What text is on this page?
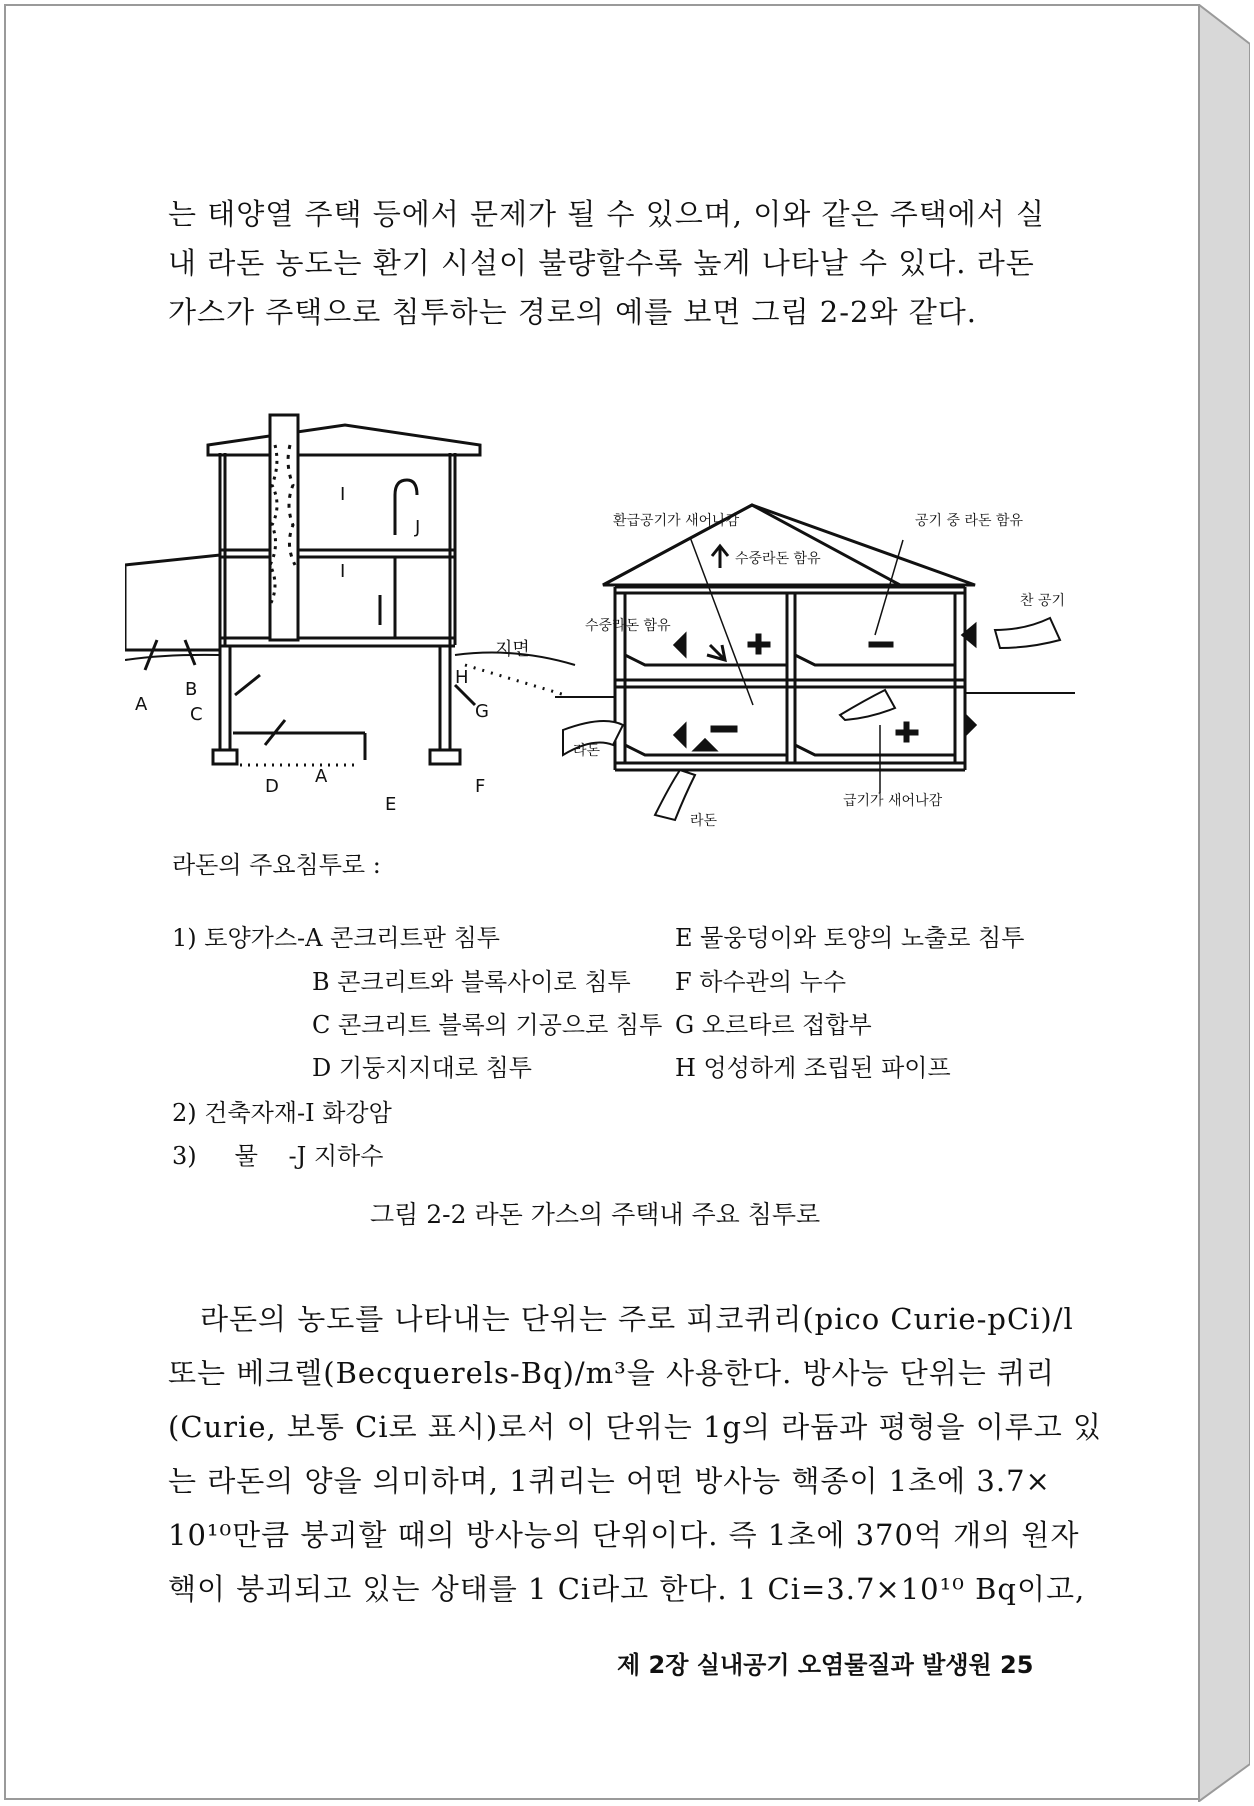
는 태양열 주택 등에서 문제가 될 수 있으며, 이와 같은 주택에서 실

내 라돈 농도는 환기 시설이 불량할수록 높게 나타날 수 있다. 라돈

가스가 주택으로 침투하는 경로의 예를 보면 그림 2-2와 같다.

A
B
C
D A
E
F
G
H
I
I
J
지면
환급공기가 새어나감	공기 중 라돈 함유
수중라돈 함유
수중라돈 함유
찬 공기
라돈
라돈
급기가 새어나감
라돈의 주요침투로 :
1) 토양가스-A 콘크리트판 침투
B 콘크리트와 블록사이로 침투
C 콘크리트 블록의 기공으로 침투
D 기둥지지대로 침투
E 물웅덩이와 토양의 노출로 침투
F 하수관의 누수
G 오르타르 접합부
H 엉성하게 조립된 파이프
2) 건축자재-I 화강암
3)     물    -J 지하수
그림 2-2 라돈 가스의 주택내 주요 침투로

라돈의 농도를 나타내는 단위는 주로 피코퀴리(pico Curie-pCi)/l

또는 베크렐(Becquerels-Bq)/m³을 사용한다. 방사능 단위는 퀴리

(Curie, 보통 Ci로 표시)로서 이 단위는 1g의 라듐과 평형을 이루고 있

는 라돈의 양을 의미하며, 1퀴리는 어떤 방사능 핵종이 1초에 3.7×

10¹⁰만큼 붕괴할 때의 방사능의 단위이다. 즉 1초에 370억 개의 원자

핵이 붕괴되고 있는 상태를 1 Ci라고 한다. 1 Ci=3.7×10¹⁰ Bq이고,

제 2장 실내공기 오염물질과 발생원 25
